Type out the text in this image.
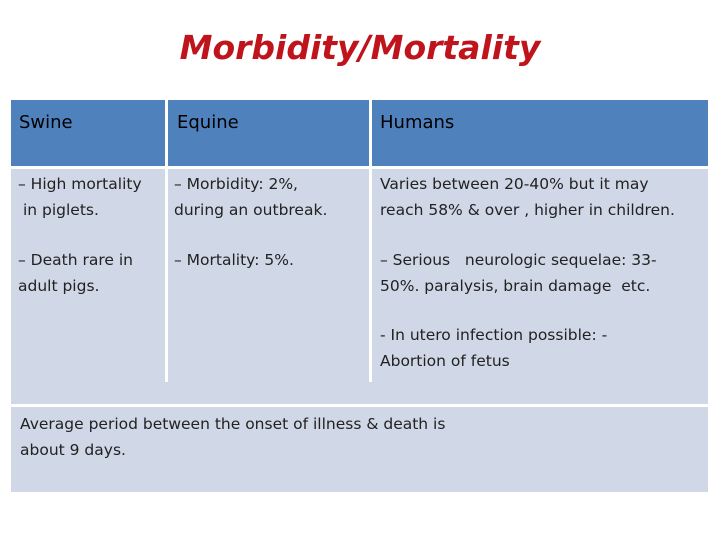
Morbidity/Mortality
Swine	Equine	Humans
– High mortality
in piglets.
– Death rare in
adult pigs.
– Morbidity: 2%,
during an outbreak.
– Mortality: 5%.
Varies between 20-40% but it may
reach 58% & over , higher in children.
– Serious   neurologic sequelae: 33-
50%. paralysis, brain damage  etc.
- In utero infection possible: -
Abortion of fetus
Average period between the onset of illness & death is
about 9 days.
